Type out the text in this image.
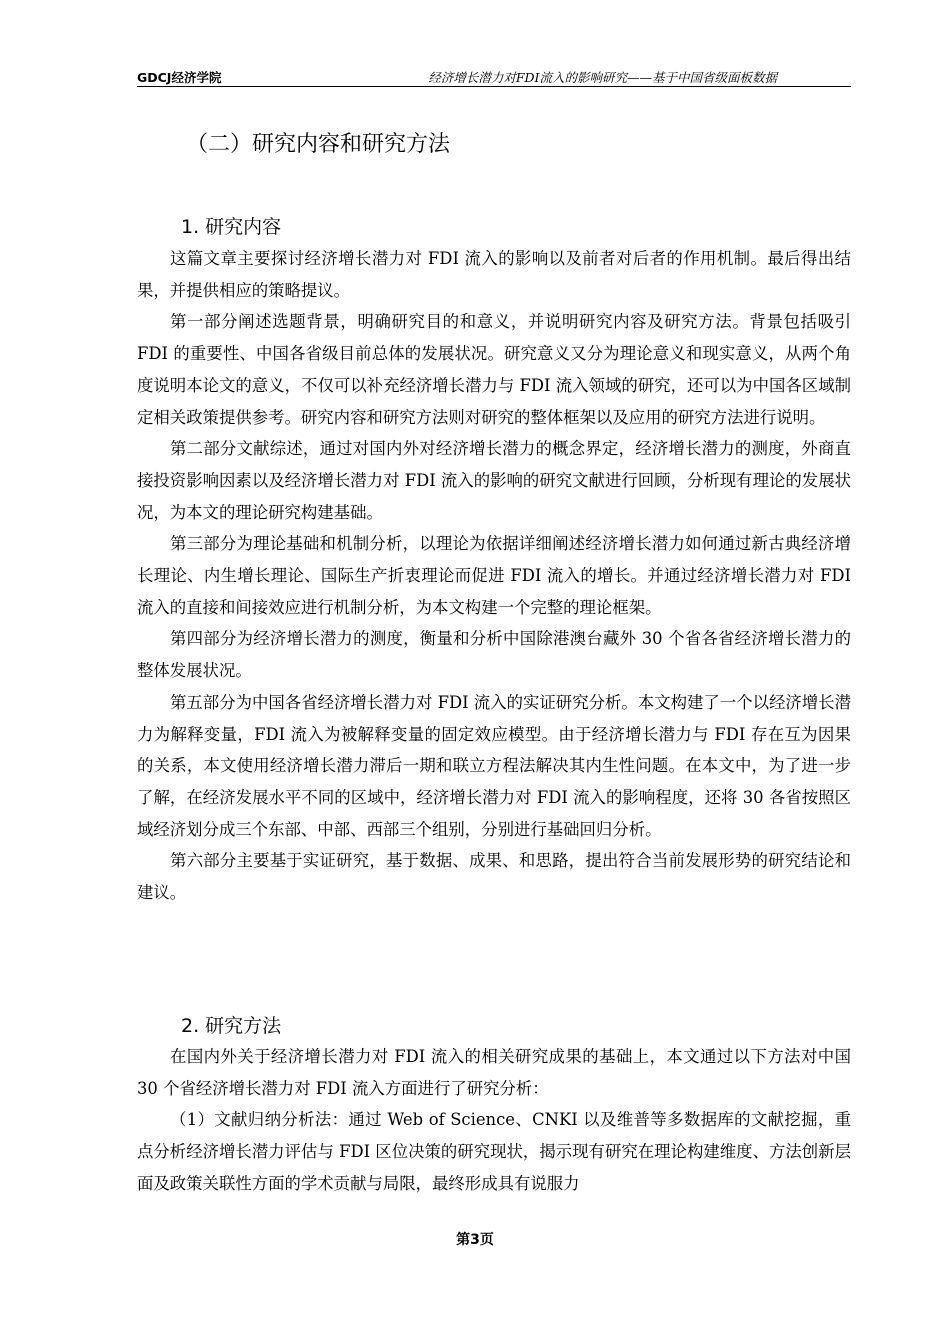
GDCJ经济学院	经济增长潜力对FDI流入的影响研究——基于中国省级面板数据
（二）研究内容和研究方法
1. 研究内容

这篇文章主要探讨经济增长潜力对 FDI 流入的影响以及前者对后者的作用机制。最后得出结果，并提供相应的策略提议。

第一部分阐述选题背景，明确研究目的和意义，并说明研究内容及研究方法。背景包括吸引 FDI 的重要性、中国各省级目前总体的发展状况。研究意义又分为理论意义和现实意义，从两个角度说明本论文的意义，不仅可以补充经济增长潜力与 FDI 流入领域的研究，还可以为中国各区域制定相关政策提供参考。研究内容和研究方法则对研究的整体框架以及应用的研究方法进行说明。

第二部分文献综述，通过对国内外对经济增长潜力的概念界定，经济增长潜力的测度，外商直接投资影响因素以及经济增长潜力对 FDI 流入的影响的研究文献进行回顾，分析现有理论的发展状况，为本文的理论研究构建基础。

第三部分为理论基础和机制分析，以理论为依据详细阐述经济增长潜力如何通过新古典经济增长理论、内生增长理论、国际生产折衷理论而促进 FDI 流入的增长。并通过经济增长潜力对 FDI 流入的直接和间接效应进行机制分析，为本文构建一个完整的理论框架。

第四部分为经济增长潜力的测度，衡量和分析中国除港澳台藏外 30 个省各省经济增长潜力的整体发展状况。

第五部分为中国各省经济增长潜力对 FDI 流入的实证研究分析。本文构建了一个以经济增长潜力为解释变量，FDI 流入为被解释变量的固定效应模型。由于经济增长潜力与 FDI 存在互为因果的关系，本文使用经济增长潜力滞后一期和联立方程法解决其内生性问题。在本文中，为了进一步了解，在经济发展水平不同的区域中，经济增长潜力对 FDI 流入的影响程度，还将 30 各省按照区域经济划分成三个东部、中部、西部三个组别，分别进行基础回归分析。

第六部分主要基于实证研究，基于数据、成果、和思路，提出符合当前发展形势的研究结论和建议。

2. 研究方法

在国内外关于经济增长潜力对 FDI 流入的相关研究成果的基础上，本文通过以下方法对中国 30 个省经济增长潜力对 FDI 流入方面进行了研究分析：

（1）文献归纳分析法：通过 Web of Science、CNKI 以及维普等多数据库的文献挖掘，重点分析经济增长潜力评估与 FDI 区位决策的研究现状，揭示现有研究在理论构建维度、方法创新层面及政策关联性方面的学术贡献与局限，最终形成具有说服力

第3页
